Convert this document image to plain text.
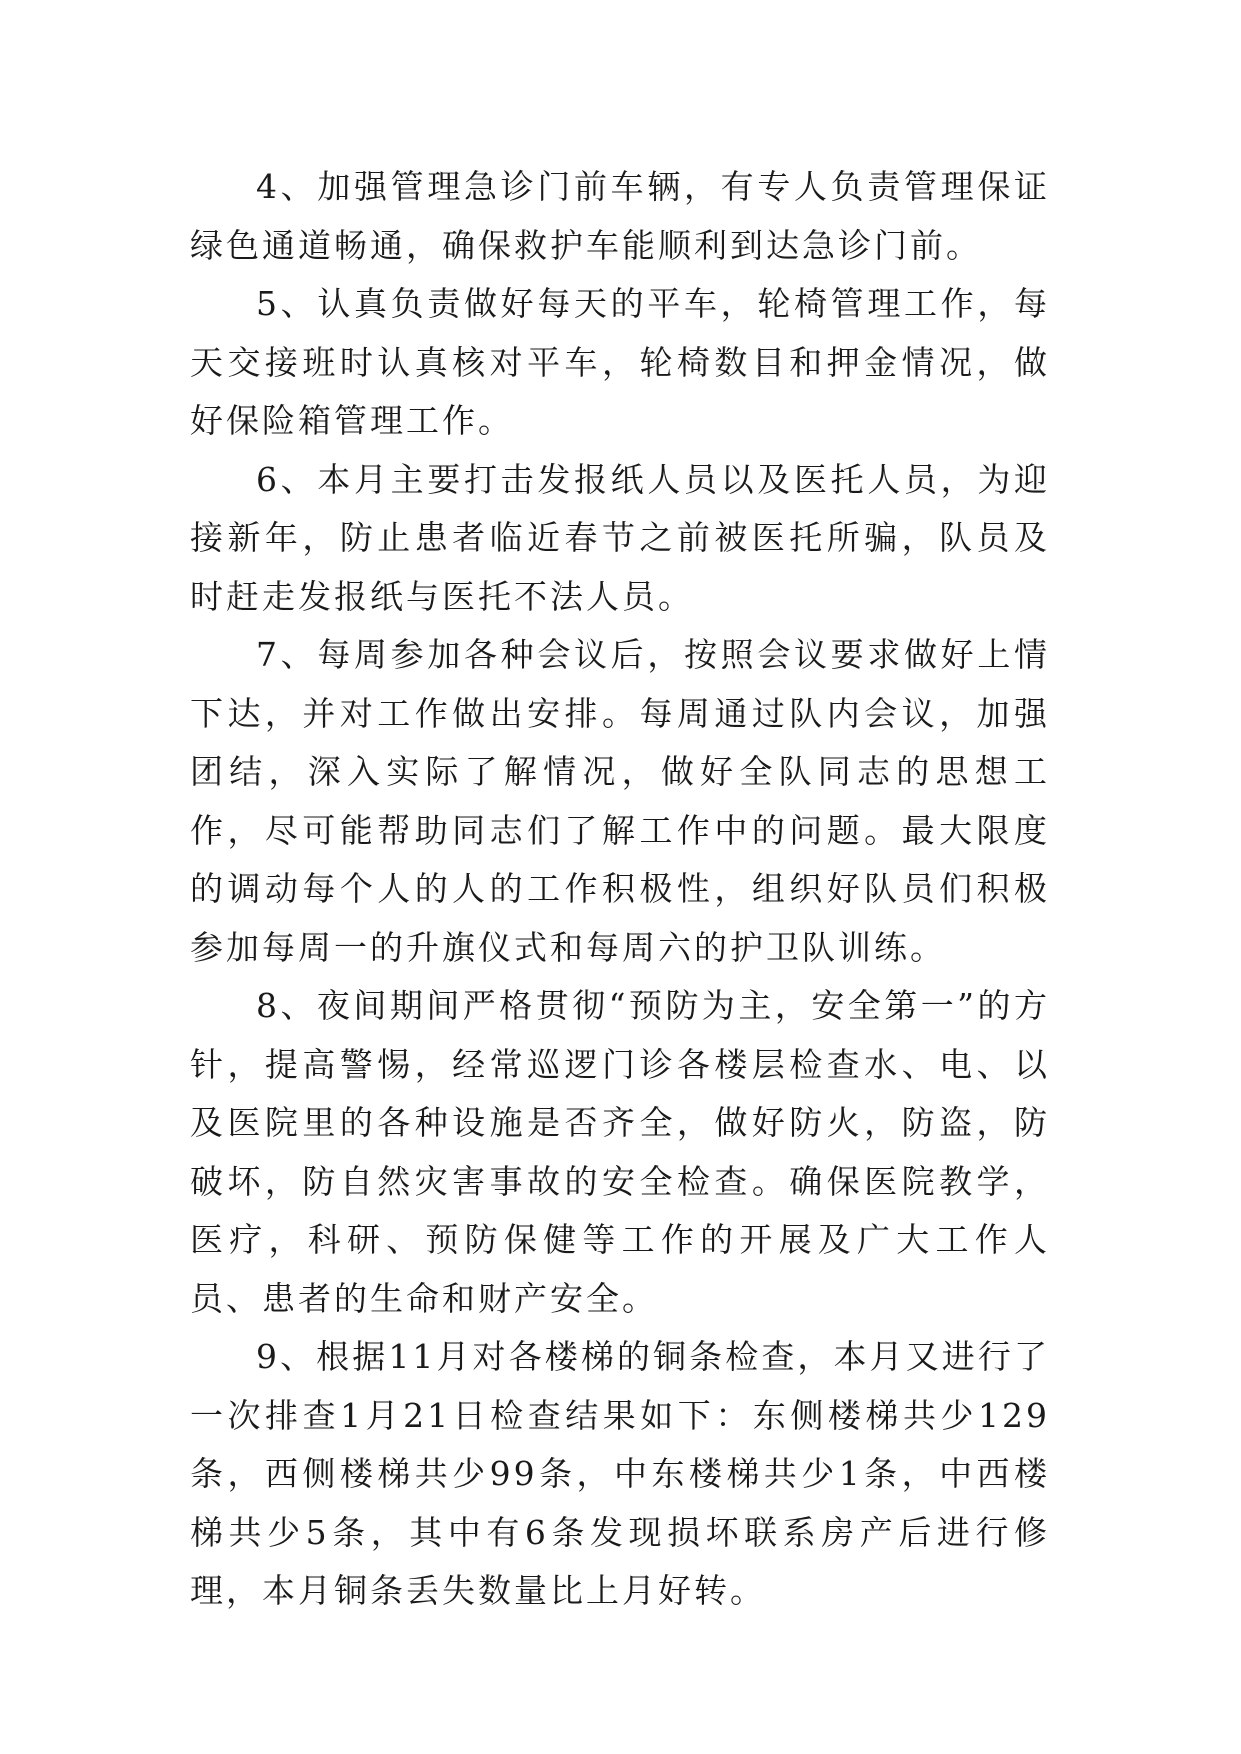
4、加强管理急诊门前车辆，有专人负责管理保证绿色通道畅通，确保救护车能顺利到达急诊门前。

5、认真负责做好每天的平车，轮椅管理工作，每天交接班时认真核对平车，轮椅数目和押金情况，做好保险箱管理工作。

6、本月主要打击发报纸人员以及医托人员，为迎接新年，防止患者临近春节之前被医托所骗，队员及时赶走发报纸与医托不法人员。

7、每周参加各种会议后，按照会议要求做好上情下达，并对工作做出安排。每周通过队内会议，加强团结，深入实际了解情况，做好全队同志的思想工作，尽可能帮助同志们了解工作中的问题。最大限度的调动每个人的人的工作积极性，组织好队员们积极参加每周一的升旗仪式和每周六的护卫队训练。

8、夜间期间严格贯彻“预防为主，安全第一”的方针，提高警惕，经常巡逻门诊各楼层检查水、电、以及医院里的各种设施是否齐全，做好防火，防盗，防破坏，防自然灾害事故的安全检查。确保医院教学，医疗，科研、预防保健等工作的开展及广大工作人员、患者的生命和财产安全。

9、根据11月对各楼梯的铜条检查，本月又进行了一次排查1月21日检查结果如下：东侧楼梯共少129条，西侧楼梯共少99条，中东楼梯共少1条，中西楼梯共少5条，其中有6条发现损坏联系房产后进行修理，本月铜条丢失数量比上月好转。
